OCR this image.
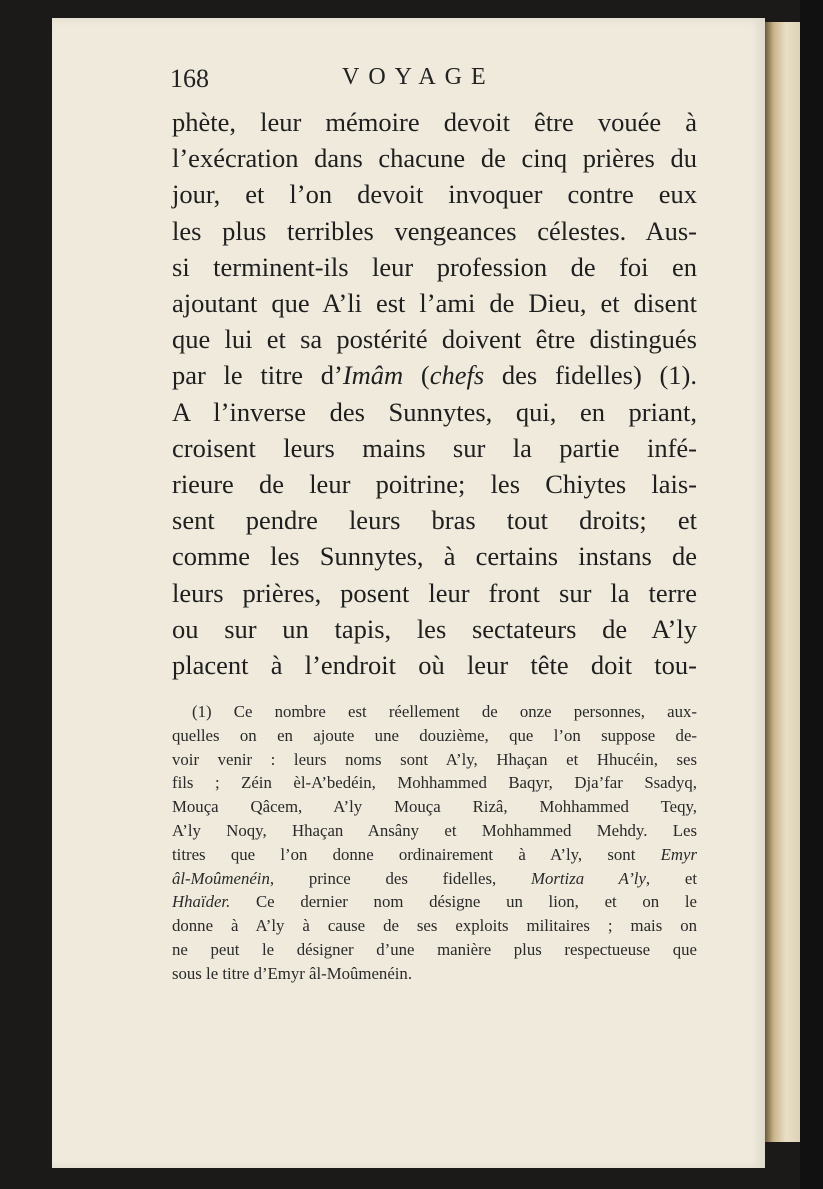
168	VOYAGE

phète, leur mémoire devoit être vouée à

l’exécration dans chacune de cinq prières du

jour, et l’on devoit invoquer contre eux

les plus terribles vengeances célestes. Aus-

si terminent-ils leur profession de foi en

ajoutant que A’li est l’ami de Dieu, et disent

que lui et sa postérité doivent être distingués

par le titre d’Imâm (chefs des fidelles) (1).

A l’inverse des Sunnytes, qui, en priant,

croisent leurs mains sur la partie infé-

rieure de leur poitrine; les Chiytes lais-

sent pendre leurs bras tout droits; et

comme les Sunnytes, à certains instans de

leurs prières, posent leur front sur la terre

ou sur un tapis, les sectateurs de A’ly

placent à l’endroit où leur tête doit tou-

(1) Ce nombre est réellement de onze personnes, aux-

quelles on en ajoute une douzième, que l’on suppose de-

voir venir : leurs noms sont A’ly, Hhaçan et Hhucéin, ses

fils ; Zéin èl-A’bedéin, Mohhammed Baqyr, Dja’far Ssadyq,

Mouça Qâcem, A’ly Mouça Rizâ, Mohhammed Teqy,

A’ly Noqy, Hhaçan Ansâny et Mohhammed Mehdy. Les

titres que l’on donne ordinairement à A’ly, sont Emyr

âl-Moûmenéin, prince des fidelles, Mortiza A’ly, et

Hhaïder. Ce dernier nom désigne un lion, et on le

donne à A’ly à cause de ses exploits militaires ; mais on

ne peut le désigner d’une manière plus respectueuse que

sous le titre d’Emyr âl-Moûmenéin.
